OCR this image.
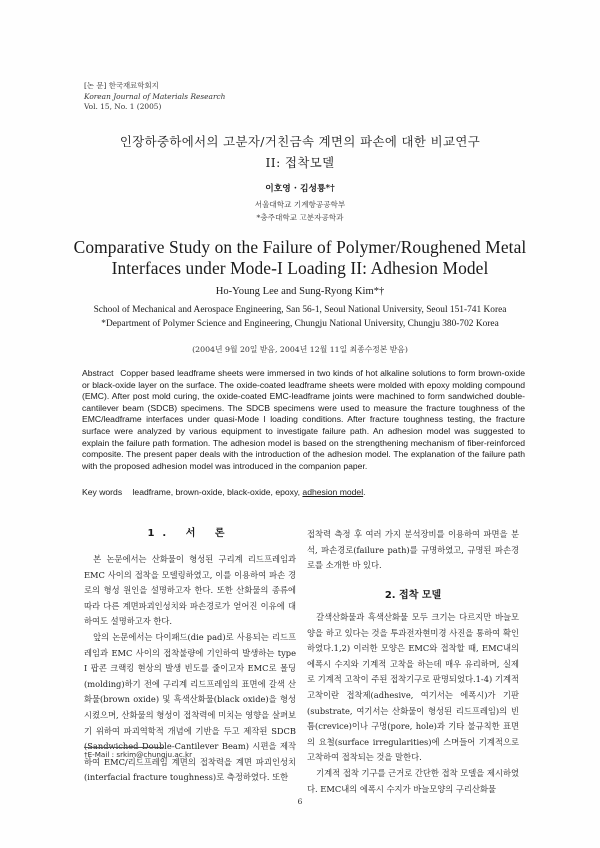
[논 문] 한국재료학회지
Korean Journal of Materials Research
Vol. 15, No. 1 (2005)
인장하중하에서의 고분자/거친금속 계면의 파손에 대한 비교연구
II: 접착모델
이호영 · 김성룡*†
서울대학교 기계항공공학부
*충주대학교 고분자공학과
Comparative Study on the Failure of Polymer/Roughened Metal
Interfaces under Mode-I Loading II: Adhesion Model
Ho-Young Lee and Sung-Ryong Kim*†
School of Mechanical and Aerospace Engineering, San 56-1, Seoul National University, Seoul 151-741 Korea
*Department of Polymer Science and Engineering, Chungju National University, Chungju 380-702 Korea
(2004년 9월 20일 받음, 2004년 12월 11일 최종수정본 받음)
Abstract Copper based leadframe sheets were immersed in two kinds of hot alkaline solutions to form brown-oxide or black-oxide layer on the surface. The oxide-coated leadframe sheets were molded with epoxy molding compound (EMC). After post mold curing, the oxide-coated EMC-leadframe joints were machined to form sandwiched double-cantilever beam (SDCB) specimens. The SDCB specimens were used to measure the fracture toughness of the EMC/leadframe interfaces under quasi-Mode I loading conditions. After fracture toughness testing, the fracture surface were analyzed by various equipment to investigate failure path. An adhesion model was suggested to explain the failure path formation. The adhesion model is based on the strengthening mechanism of fiber-reinforced composite. The present paper deals with the introduction of the adhesion model. The explanation of the failure path with the proposed adhesion model was introduced in the companion paper.
Key words leadframe, brown-oxide, black-oxide, epoxy, adhesion model.
1. 서 론

본 논문에서는 산화물이 형성된 구리계 리드프레임과 EMC 사이의 접착을 모델링하였고, 이를 이용하여 파손 경로의 형성 원인을 설명하고자 한다. 또한 산화물의 종류에 따라 다른 계면파괴인성치와 파손경로가 얻어진 이유에 대하여도 설명하고자 한다.

앞의 논문에서는 다이패드(die pad)로 사용되는 리드프레임과 EMC 사이의 접착불량에 기인하여 발생하는 type I 팝콘 크랙킹 현상의 발생 빈도를 줄이고자 EMC로 몰딩(molding)하기 전에 구리계 리드프레임의 표면에 갈색 산화물(brown oxide) 및 흑색산화물(black oxide)을 형성시켰으며, 산화물의 형성이 접착력에 미치는 영향을 살펴보기 위하여 파괴역학적 개념에 기반을 두고 제작된 SDCB (Sandwiched Double-Cantilever Beam) 시편을 제작하여 EMC/리드프레임 계면의 접착력을 계면 파괴인성치(interfacial fracture toughness)로 측정하였다. 또한

접착력 측정 후 여러 가지 분석장비를 이용하여 파면을 분석, 파손경로(failure path)를 규명하였고, 규명된 파손경로를 소개한 바 있다.

2. 접착 모델

갈색산화물과 흑색산화물 모두 크기는 다르지만 바늘모양을 하고 있다는 것을 투과전자현미경 사진을 통하여 확인하였다.1,2) 이러한 모양은 EMC와 접착할 때, EMC내의 에폭시 수지와 기계적 고착을 하는데 매우 유리하며, 실제로 기계적 고착이 주된 접착기구로 판명되었다.1-4) 기계적 고착이란 접착제(adhesive, 여기서는 에폭시)가 기판(substrate, 여기서는 산화물이 형성된 리드프레임)의 빈틈(crevice)이나 구멍(pore, hole)과 기타 불규칙한 표면의 요철(surface irregularities)에 스며들어 기계적으로 고착하여 접착되는 것을 말한다.

기계적 접착 기구를 근거로 간단한 접착 모델을 제시하였다. EMC내의 에폭시 수지가 바늘모양의 구리산화물

†E-Mail : srkim@chungju.ac.kr
6
